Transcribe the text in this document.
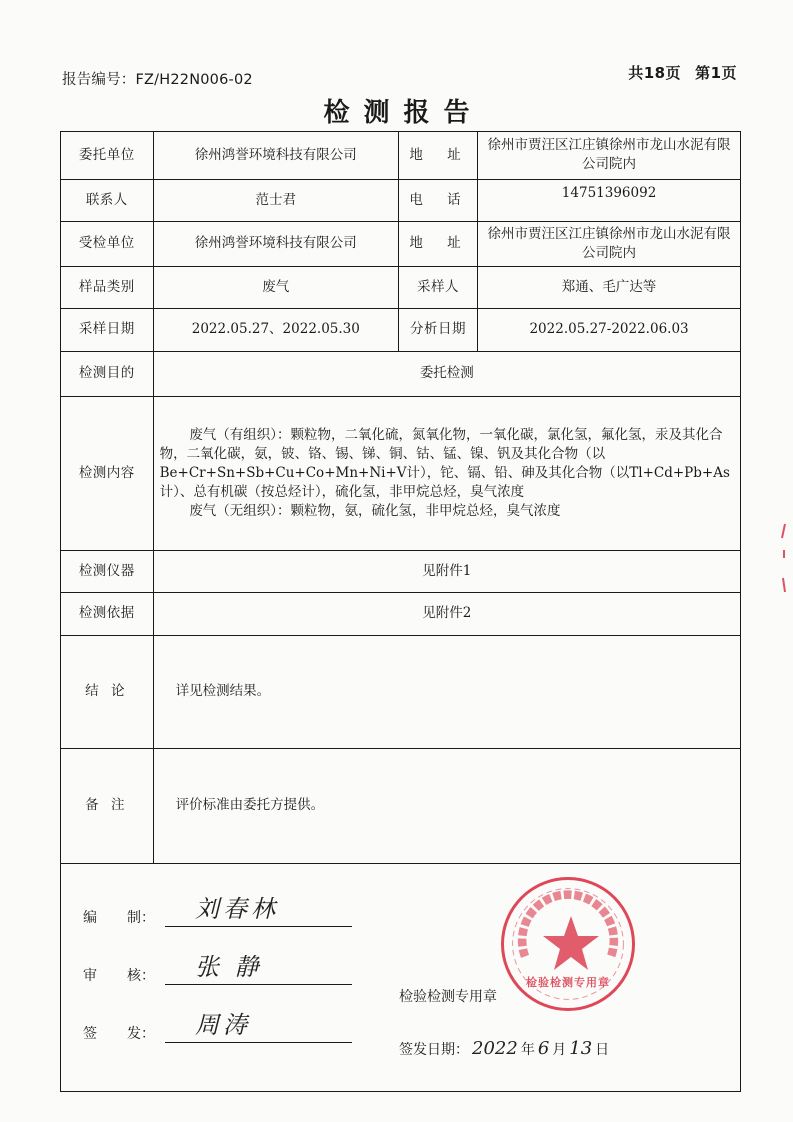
报告编号：FZ/H22N006-02	共18页 第1页
检测报告
委托单位	徐州鸿誉环境科技有限公司	地 址	徐州市贾汪区江庄镇徐州市龙山水泥有限公司院内
联系人	范士君	电 话	14751396092
受检单位	徐州鸿誉环境科技有限公司	地 址	徐州市贾汪区江庄镇徐州市龙山水泥有限公司院内
样品类别	废气	采样人	郑通、毛广达等
采样日期	2022.05.27、2022.05.30	分析日期	2022.05.27-2022.06.03
检测目的	委托检测		
检测内容	废气（有组织）：颗粒物，二氧化硫，氮氧化物，一氧化碳，氯化氢，氟化氢，汞及其化合物，二氧化碳，氨，铍、铬、锡、锑、铜、钴、锰、镍、钒及其化合物（以Be+Cr+Sn+Sb+Cu+Co+Mn+Ni+V计），铊、镉、铅、砷及其化合物（以Tl+Cd+Pb+As计）、总有机碳（按总烃计），硫化氢，非甲烷总烃，臭气浓度

废气（无组织）：颗粒物，氨，硫化氢，非甲烷总烃，臭气浓度		

检测仪器	见附件1		
检测依据	见附件2		
结 论	详见检测结果。		
备 注	评价标准由委托方提供。		
编 制： 刘春林
审 核： 张 静
签 发： 周涛
检验检测专用章
签发日期： 2022 年 6 月 13 日
检验检测专用章
